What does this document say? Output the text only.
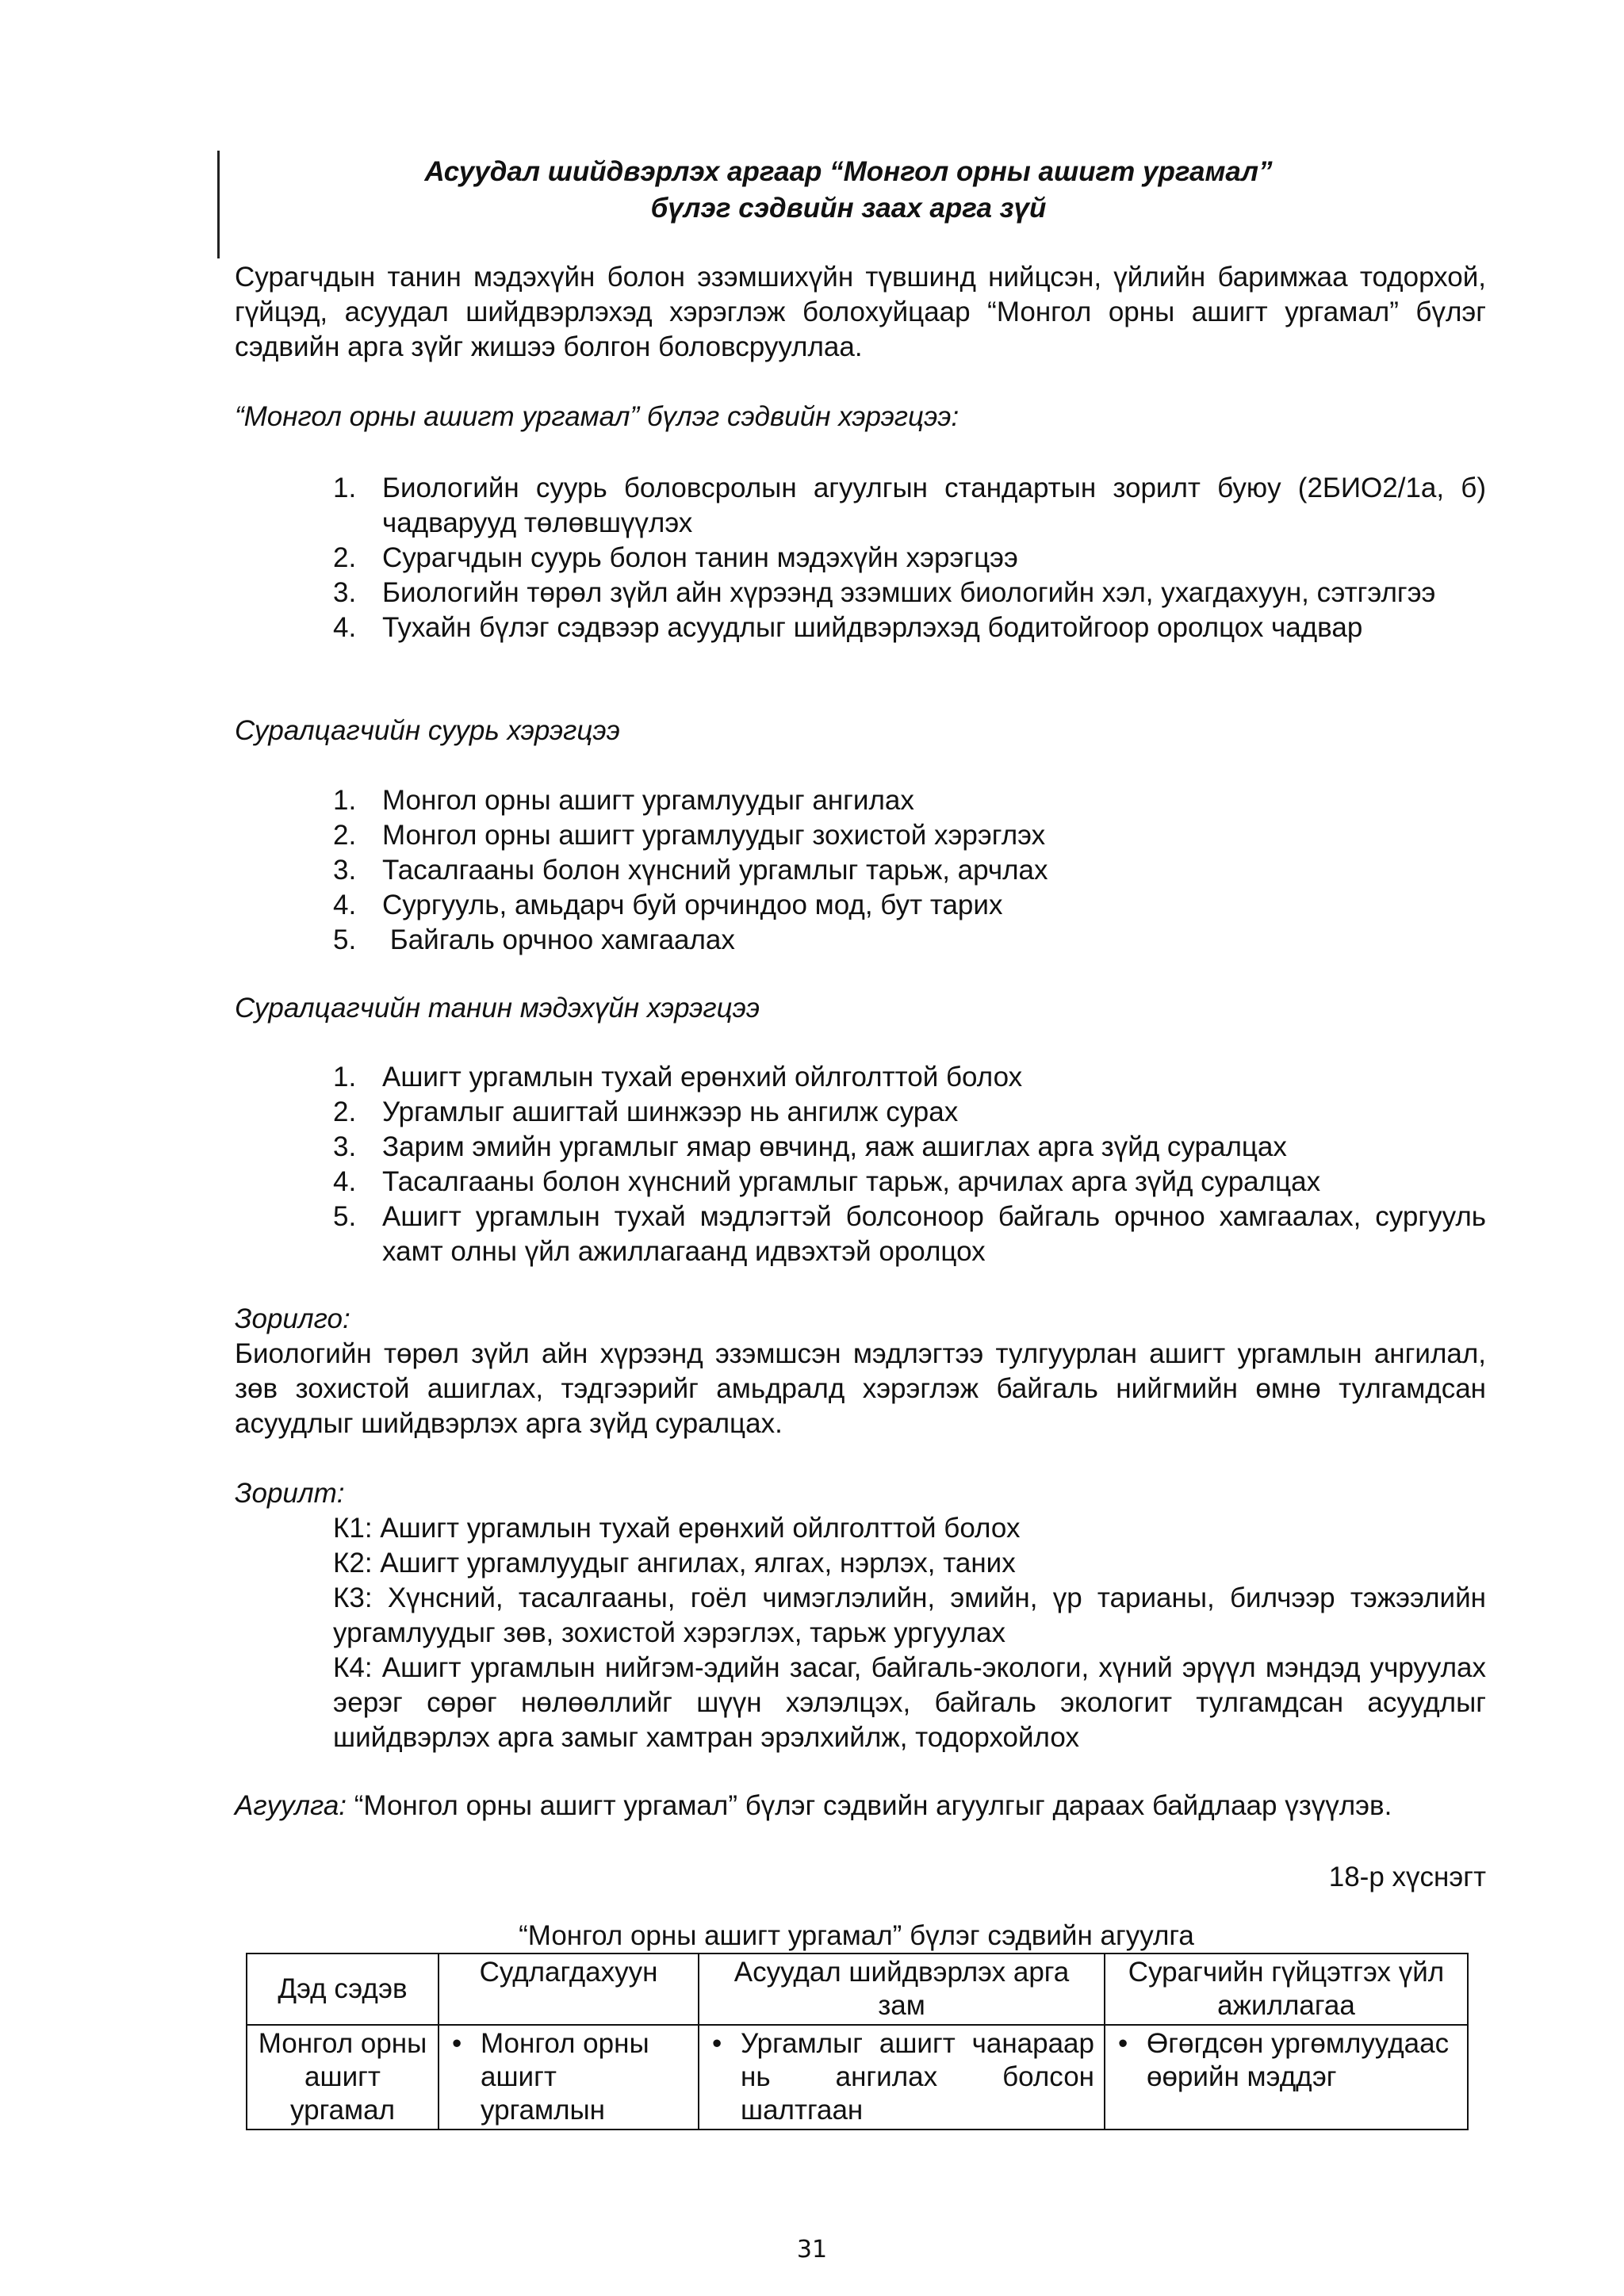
Асуудал шийдвэрлэх аргаар “Монгол орны ашигт ургамал”
бүлэг сэдвийн заах арга зүй

Сурагчдын танин мэдэхүйн болон эзэмшихүйн түвшинд нийцсэн, үйлийн баримжаа тодорхой, гүйцэд, асуудал шийдвэрлэхэд хэрэглэж болохуйцаар “Монгол орны ашигт ургамал” бүлэг сэдвийн арга зүйг жишээ болгон боловсрууллаа.

“Монгол орны ашигт ургамал” бүлэг сэдвийн хэрэгцээ:

1. Биологийн суурь боловсролын агуулгын стандартын зорилт буюу (2БИО2/1а, б) чадварууд төлөвшүүлэх
2. Сурагчдын суурь болон танин мэдэхүйн хэрэгцээ
3. Биологийн төрөл зүйл айн хүрээнд эзэмших биологийн хэл, ухагдахуун, сэтгэлгээ
4. Тухайн бүлэг сэдвээр асуудлыг шийдвэрлэхэд бодитойгоор оролцох чадвар

Суралцагчийн суурь хэрэгцээ

1. Монгол орны ашигт ургамлуудыг ангилах
2. Монгол орны ашигт ургамлуудыг зохистой хэрэглэх
3. Тасалгааны болон хүнсний ургамлыг тарьж, арчлах
4. Сургууль, амьдарч буй орчиндоо мод, бут тарих
5. Байгаль орчноо хамгаалах

Суралцагчийн танин мэдэхүйн хэрэгцээ

1. Ашигт ургамлын тухай ерөнхий ойлголттой болох
2. Ургамлыг ашигтай шинжээр нь ангилж сурах
3. Зарим эмийн ургамлыг ямар өвчинд, яаж ашиглах арга зүйд суралцах
4. Тасалгааны болон хүнсний ургамлыг тарьж, арчилах арга зүйд суралцах
5. Ашигт ургамлын тухай мэдлэгтэй болсоноор байгаль орчноо хамгаалах, сургууль хамт олны үйл ажиллагаанд идвэхтэй оролцох

Зорилго:

Биологийн төрөл зүйл айн хүрээнд эзэмшсэн мэдлэгтээ тулгуурлан ашигт ургамлын ангилал, зөв зохистой ашиглах, тэдгээрийг амьдралд хэрэглэж байгаль нийгмийн өмнө тулгамдсан асуудлыг шийдвэрлэх арга зүйд суралцах.

Зорилт:

К1: Ашигт ургамлын тухай ерөнхий ойлголттой болох

К2: Ашигт ургамлуудыг ангилах, ялгах, нэрлэх, таних

К3: Хүнсний, тасалгааны, гоёл чимэглэлийн, эмийн, үр тарианы, билчээр тэжээлийн ургамлуудыг зөв, зохистой хэрэглэх, тарьж ургуулах

К4: Ашигт ургамлын нийгэм-эдийн засаг, байгаль-экологи, хүний эрүүл мэндэд учруулах эерэг сөрөг нөлөөллийг шүүн хэлэлцэх, байгаль экологит тулгамдсан асуудлыг шийдвэрлэх арга замыг хамтран эрэлхийлж, тодорхойлох

Агуулга: “Монгол орны ашигт ургамал” бүлэг сэдвийн агуулгыг дараах байдлаар үзүүлэв.

18-р хүснэгт
“Монгол орны ашигт ургамал” бүлэг сэдвийн агуулга
Дэд сэдэв	Судлагдахуун	Асуудал шийдвэрлэх арга зам	Сурагчийн гүйцэтгэх үйл ажиллагаа
Монгол орны ашигт ургамал	• Монгол орны ашигт ургамлын	• Ургамлыг ашигт чанараар нь ангилах болсон шалтгаан	• Өгөгдсөн ургөмлуудаас өөрийн мэддэг
31
